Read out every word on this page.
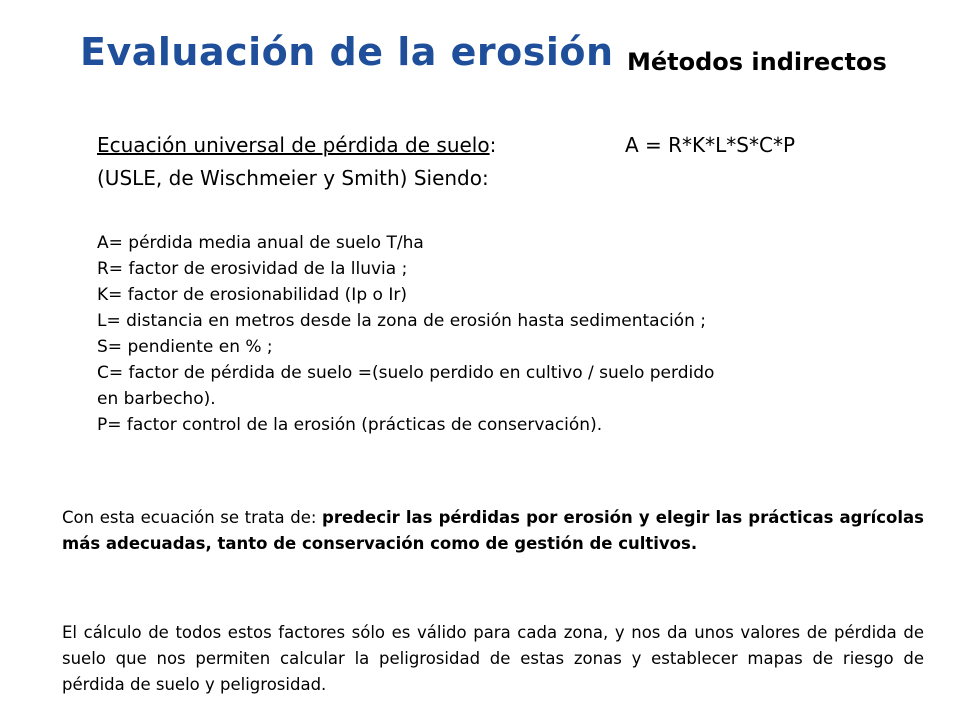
Evaluación de la erosión Métodos indirectos
Ecuación universal de pérdida de suelo:	A = R*K*L*S*C*P
(USLE, de Wischmeier y Smith) Siendo:
A= pérdida media anual de suelo T/ha
R= factor de erosividad de la lluvia ;
K= factor de erosionabilidad (Ip o Ir)
L= distancia en metros desde la zona de erosión hasta sedimentación ;
S= pendiente en % ;
C= factor de pérdida de suelo =(suelo perdido en cultivo / suelo perdido
en barbecho).
P= factor control de la erosión (prácticas de conservación).
Con esta ecuación se trata de: predecir las pérdidas por erosión y elegir las prácticas agrícolas más adecuadas, tanto de conservación como de gestión de cultivos.
El cálculo de todos estos factores sólo es válido para cada zona, y nos da unos valores de pérdida de suelo que nos permiten calcular la peligrosidad de estas zonas y establecer mapas de riesgo de pérdida de suelo y peligrosidad.
